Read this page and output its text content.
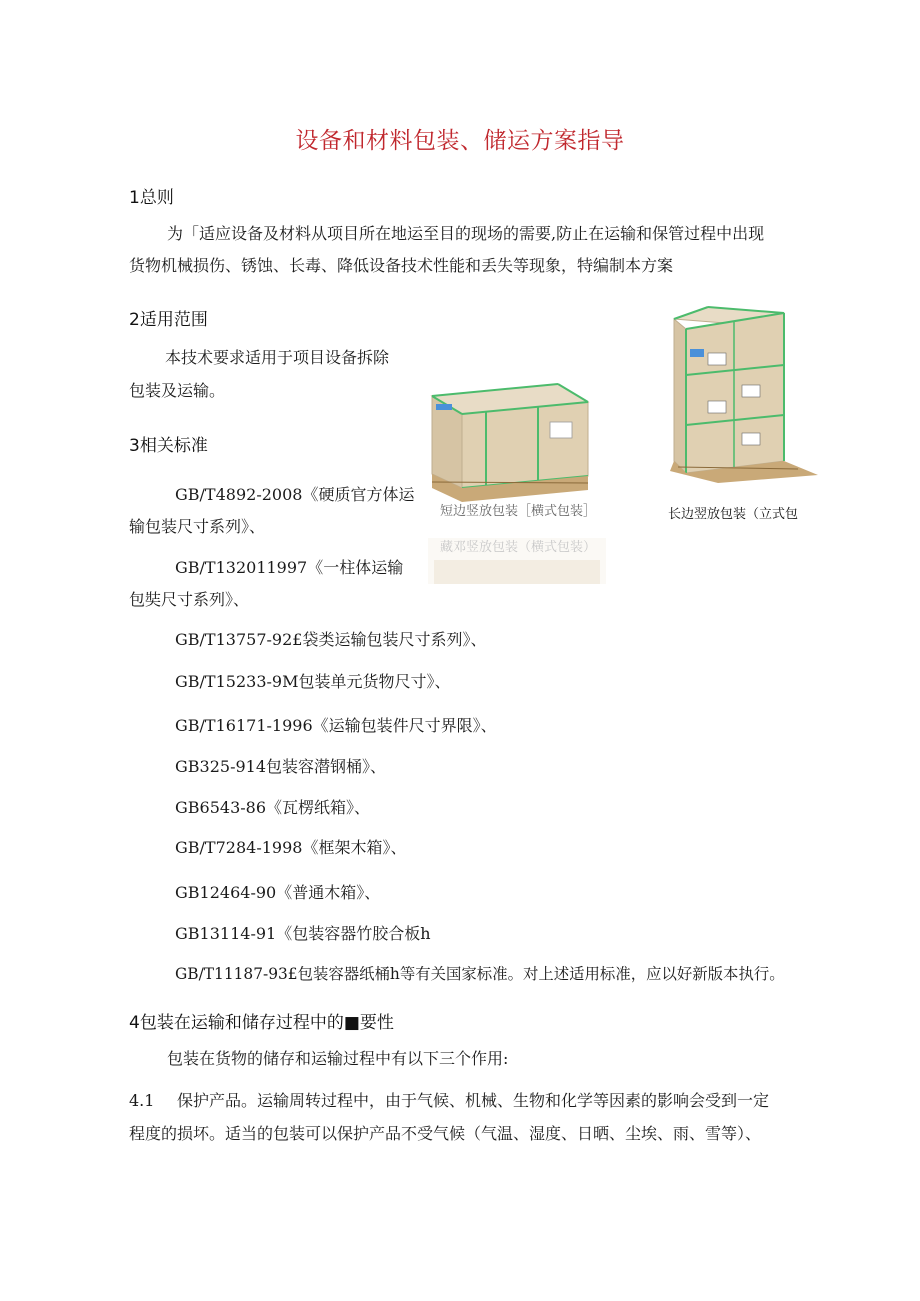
设备和材料包装、储运方案指导
1总则
为「适应设备及材料从项目所在地运至目的现场的需要,防止在运输和保管过程中出现
货物机械损伤、锈蚀、长毒、降低设备技术性能和丢失等现象，特编制本方案
2适用范围
本技术要求适用于项目设备拆除
包装及运输。
3相关标准
GB/T4892-2008《硬质官方体运
输包装尺寸系列》、
GB/T132011997《一柱体运输
包奘尺寸系列》、
GB/T13757-92£袋类运输包装尺寸系列》、
GB/T15233-9M包装单元货物尺寸》、
GB/T16171-1996《运输包装件尺寸界限》、
GB325-914包装容潜钢桶》、
GB6543-86《瓦楞纸箱》、
GB/T7284-1998《框架木箱》、
GB12464-90《普通木箱》、
GB13114-91《包装容器竹胶合板h
GB/T11187-93£包装容器纸桶h等有关国家标准。对上述适用标准，应以好新版本执行。
4包装在运输和储存过程中的■要性
包装在货物的储存和运输过程中有以下三个作用:
4.1 保护产品。运输周转过程中，由于气候、机械、生物和化学等因素的影响会受到一定
程度的损坏。适当的包装可以保护产品不受气候（气温、湿度、日晒、尘埃、雨、雪等）、
短边竖放包装［横式包装］
藏邓竖放包装（横式包装）
长边翌放包装（立式包
